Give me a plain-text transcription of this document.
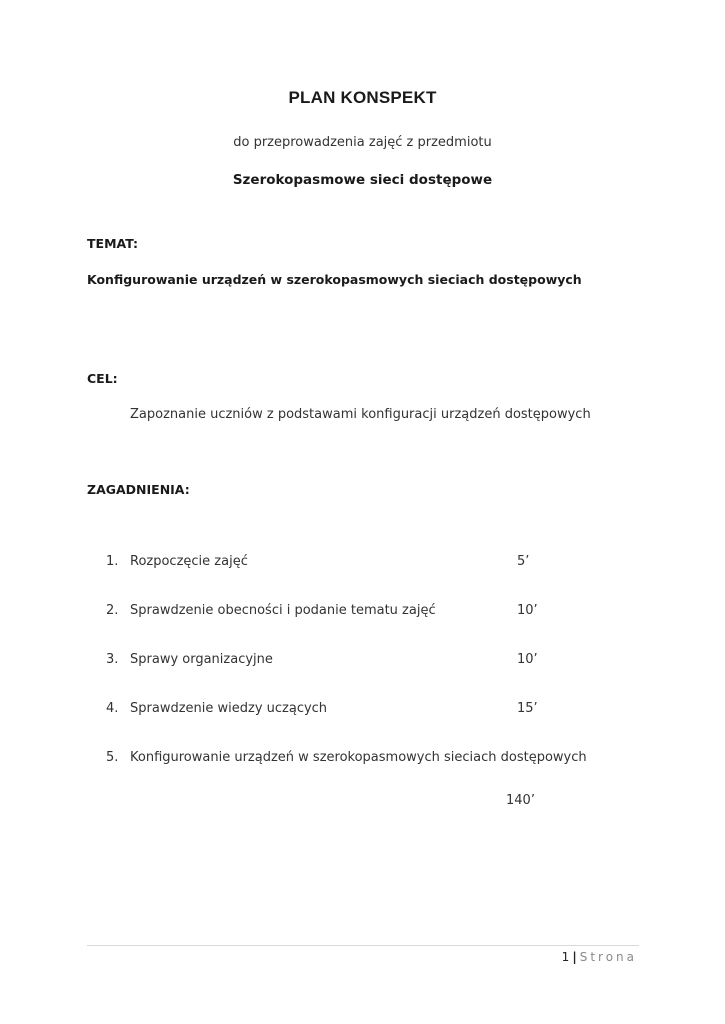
PLAN KONSPEKT
do przeprowadzenia zajęć z przedmiotu
Szerokopasmowe sieci dostępowe
TEMAT:
Konfigurowanie urządzeń w szerokopasmowych sieciach dostępowych
CEL:
Zapoznanie uczniów z podstawami konfiguracji urządzeń dostępowych
ZAGADNIENIA:
1. Rozpoczęcie zajęć	5’
2. Sprawdzenie obecności i podanie tematu zajęć	10’
3. Sprawy organizacyjne	10’
4. Sprawdzenie wiedzy uczących	15’
5. Konfigurowanie urządzeń w szerokopasmowych sieciach dostępowych
140’
1 | Strona
